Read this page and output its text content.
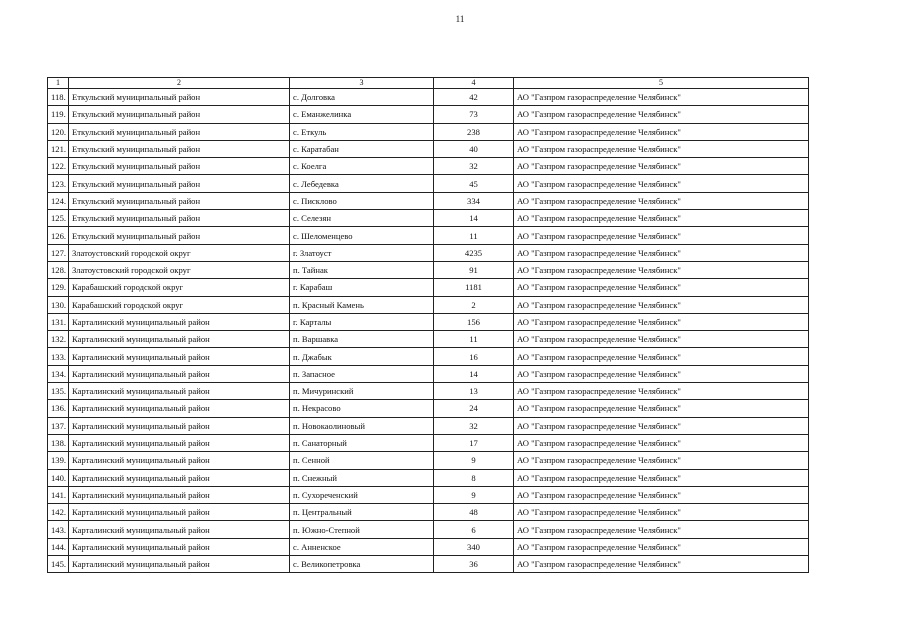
11
1	2	3	4	5
118.	Еткульский муниципальный район	с. Долговка	42	АО "Газпром газораспределение Челябинск"
119.	Еткульский муниципальный район	с. Еманжелинка	73	АО "Газпром газораспределение Челябинск"
120.	Еткульский муниципальный район	с. Еткуль	238	АО "Газпром газораспределение Челябинск"
121.	Еткульский муниципальный район	с. Каратабан	40	АО "Газпром газораспределение Челябинск"
122.	Еткульский муниципальный район	с. Коелга	32	АО "Газпром газораспределение Челябинск"
123.	Еткульский муниципальный район	с. Лебедевка	45	АО "Газпром газораспределение Челябинск"
124.	Еткульский муниципальный район	с. Пискловo	334	АО "Газпром газораспределение Челябинск"
125.	Еткульский муниципальный район	с. Селезян	14	АО "Газпром газораспределение Челябинск"
126.	Еткульский муниципальный район	с. Шеломенцево	11	АО "Газпром газораспределение Челябинск"
127.	Златоустовский городской округ	г. Златоуст	4235	АО "Газпром газораспределение Челябинск"
128.	Златоустовский городской округ	п. Тайнак	91	АО "Газпром газораспределение Челябинск"
129.	Карабашский городской округ	г. Карабаш	1181	АО "Газпром газораспределение Челябинск"
130.	Карабашский городской округ	п. Красный Камень	2	АО "Газпром газораспределение Челябинск"
131.	Карталинский муниципальный район	г. Карталы	156	АО "Газпром газораспределение Челябинск"
132.	Карталинский муниципальный район	п. Варшавка	11	АО "Газпром газораспределение Челябинск"
133.	Карталинский муниципальный район	п. Джабык	16	АО "Газпром газораспределение Челябинск"
134.	Карталинский муниципальный район	п. Запасное	14	АО "Газпром газораспределение Челябинск"
135.	Карталинский муниципальный район	п. Мичуринский	13	АО "Газпром газораспределение Челябинск"
136.	Карталинский муниципальный район	п. Некрасово	24	АО "Газпром газораспределение Челябинск"
137.	Карталинский муниципальный район	п. Новокаолиновый	32	АО "Газпром газораспределение Челябинск"
138.	Карталинский муниципальный район	п. Санаторный	17	АО "Газпром газораспределение Челябинск"
139.	Карталинский муниципальный район	п. Сенной	9	АО "Газпром газораспределение Челябинск"
140.	Карталинский муниципальный район	п. Снежный	8	АО "Газпром газораспределение Челябинск"
141.	Карталинский муниципальный район	п. Сухореченский	9	АО "Газпром газораспределение Челябинск"
142.	Карталинский муниципальный район	п. Центральный	48	АО "Газпром газораспределение Челябинск"
143.	Карталинский муниципальный район	п. Южно-Степной	6	АО "Газпром газораспределение Челябинск"
144.	Карталинский муниципальный район	с. Анненское	340	АО "Газпром газораспределение Челябинск"
145.	Карталинский муниципальный район	с. Великопетровка	36	АО "Газпром газораспределение Челябинск"
